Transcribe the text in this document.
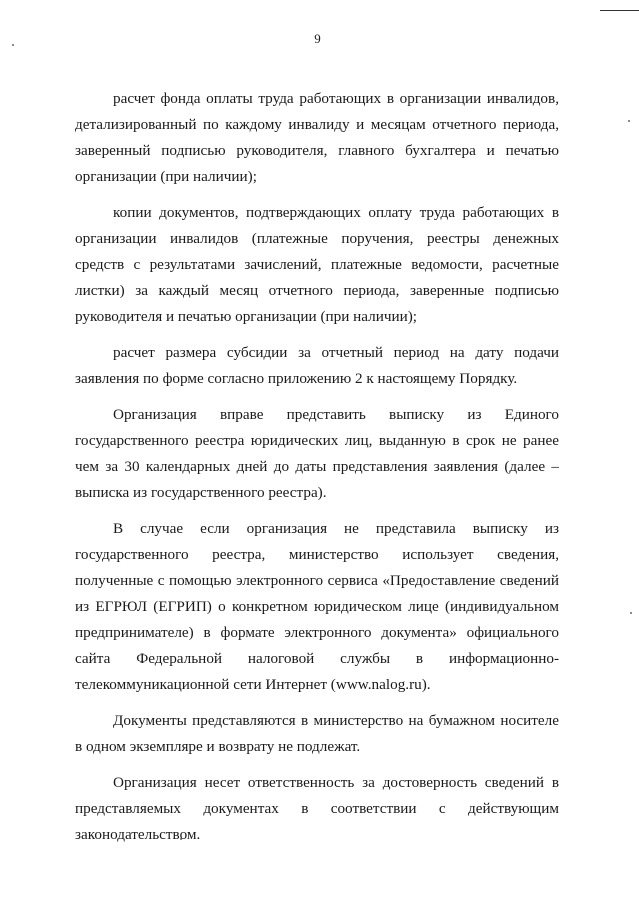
9

расчет фонда оплаты труда работающих в организации инвалидов, детализированный по каждому инвалиду и месяцам отчетного периода, заверенный подписью руководителя, главного бухгалтера и печатью организации (при наличии);

копии документов, подтверждающих оплату труда работающих в организации инвалидов (платежные поручения, реестры денежных средств с результатами зачислений, платежные ведомости, расчетные листки) за каждый месяц отчетного периода, заверенные подписью руководителя и печатью организации (при наличии);

расчет размера субсидии за отчетный период на дату подачи заявления по форме согласно приложению 2 к настоящему Порядку.

Организация вправе представить выписку из Единого государственного реестра юридических лиц, выданную в срок не ранее чем за 30 календарных дней до даты представления заявления (далее – выписка из государственного реестра).

В случае если организация не представила выписку из государственного реестра, министерство использует сведения, полученные с помощью электронного сервиса «Предоставление сведений из ЕГРЮЛ (ЕГРИП) о конкретном юридическом лице (индивидуальном предпринимателе) в формате электронного документа» официального сайта Федеральной налоговой службы в информационно-телекоммуникационной сети Интернет (www.nalog.ru).

Документы представляются в министерство на бумажном носителе в одном экземпляре и возврату не подлежат.

Организация несет ответственность за достоверность сведений в представляемых документах в соответствии с действующим законодательством.
